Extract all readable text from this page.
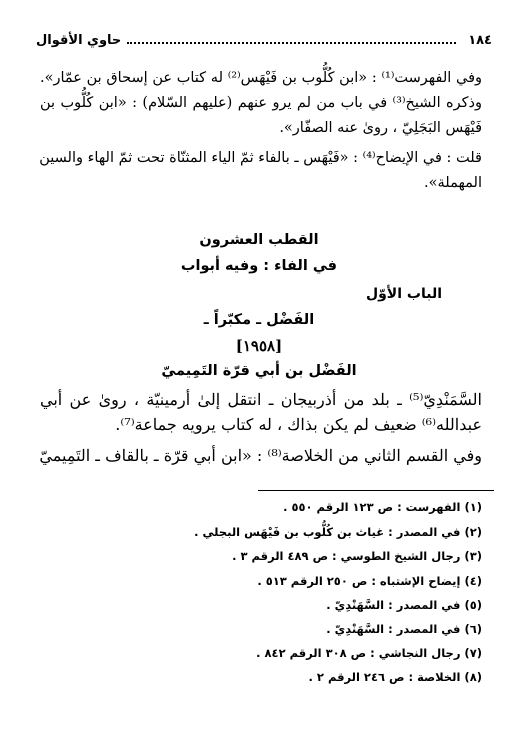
١٨٤
حاوي الأقوال
وفي الفهرست⁽¹⁾ : «ابن كُلُّوب بن فَيْهَس⁽²⁾ له كتاب عن إسحاق بن عمّار».
وذكره الشيخ⁽³⁾ في باب من لم يرو عنهم (عليهم السّلام) : «ابن كُلُّوب بن
فَيْهَس البَجَلِيّ ، روىٰ عنه الصفّار».
قلت : في الإيضاح⁽⁴⁾ : «فَيْهَس ـ بالفاء ثمّ الياء المثنّاة تحت ثمّ الهاء والسين
المهملة».
القطب العشرون
في الفاء : وفيه أبواب
الباب الأوّل
الفَضْل ـ مكبّراً ـ
[١٩٥٨]
الفَضْل بن أبي قرّة التَمِيميّ
السَّمَنْدِيّ⁽⁵⁾ ـ بلد من أذربيجان ـ انتقل إلىٰ أرمينيّة ، روىٰ عن أبي
عبدالله⁽⁶⁾ ضعيف لم يكن بذاك ، له كتاب يرويه جماعة⁽⁷⁾.
وفي القسم الثاني من الخلاصة⁽⁸⁾ : «ابن أبي قرّة ـ بالقاف ـ التَمِيميّ
(١) الفهرست : ص ١٢٣ الرقم ٥٥٠ .
(٢) في المصدر : غياث بن كُلُّوب بن فَيْهَس البجلي .
(٣) رجال الشيخ الطوسي : ص ٤٨٩ الرقم ٣ .
(٤) إيضاح الإشتباه : ص ٢٥٠ الرقم ٥١٣ .
(٥) في المصدر : السَّهَنْدِيّ .
(٦) في المصدر : السَّهَنْدِيّ .
(٧) رجال النجاشي : ص ٣٠٨ الرقم ٨٤٢ .
(٨) الخلاصة : ص ٢٤٦ الرقم ٢ .
